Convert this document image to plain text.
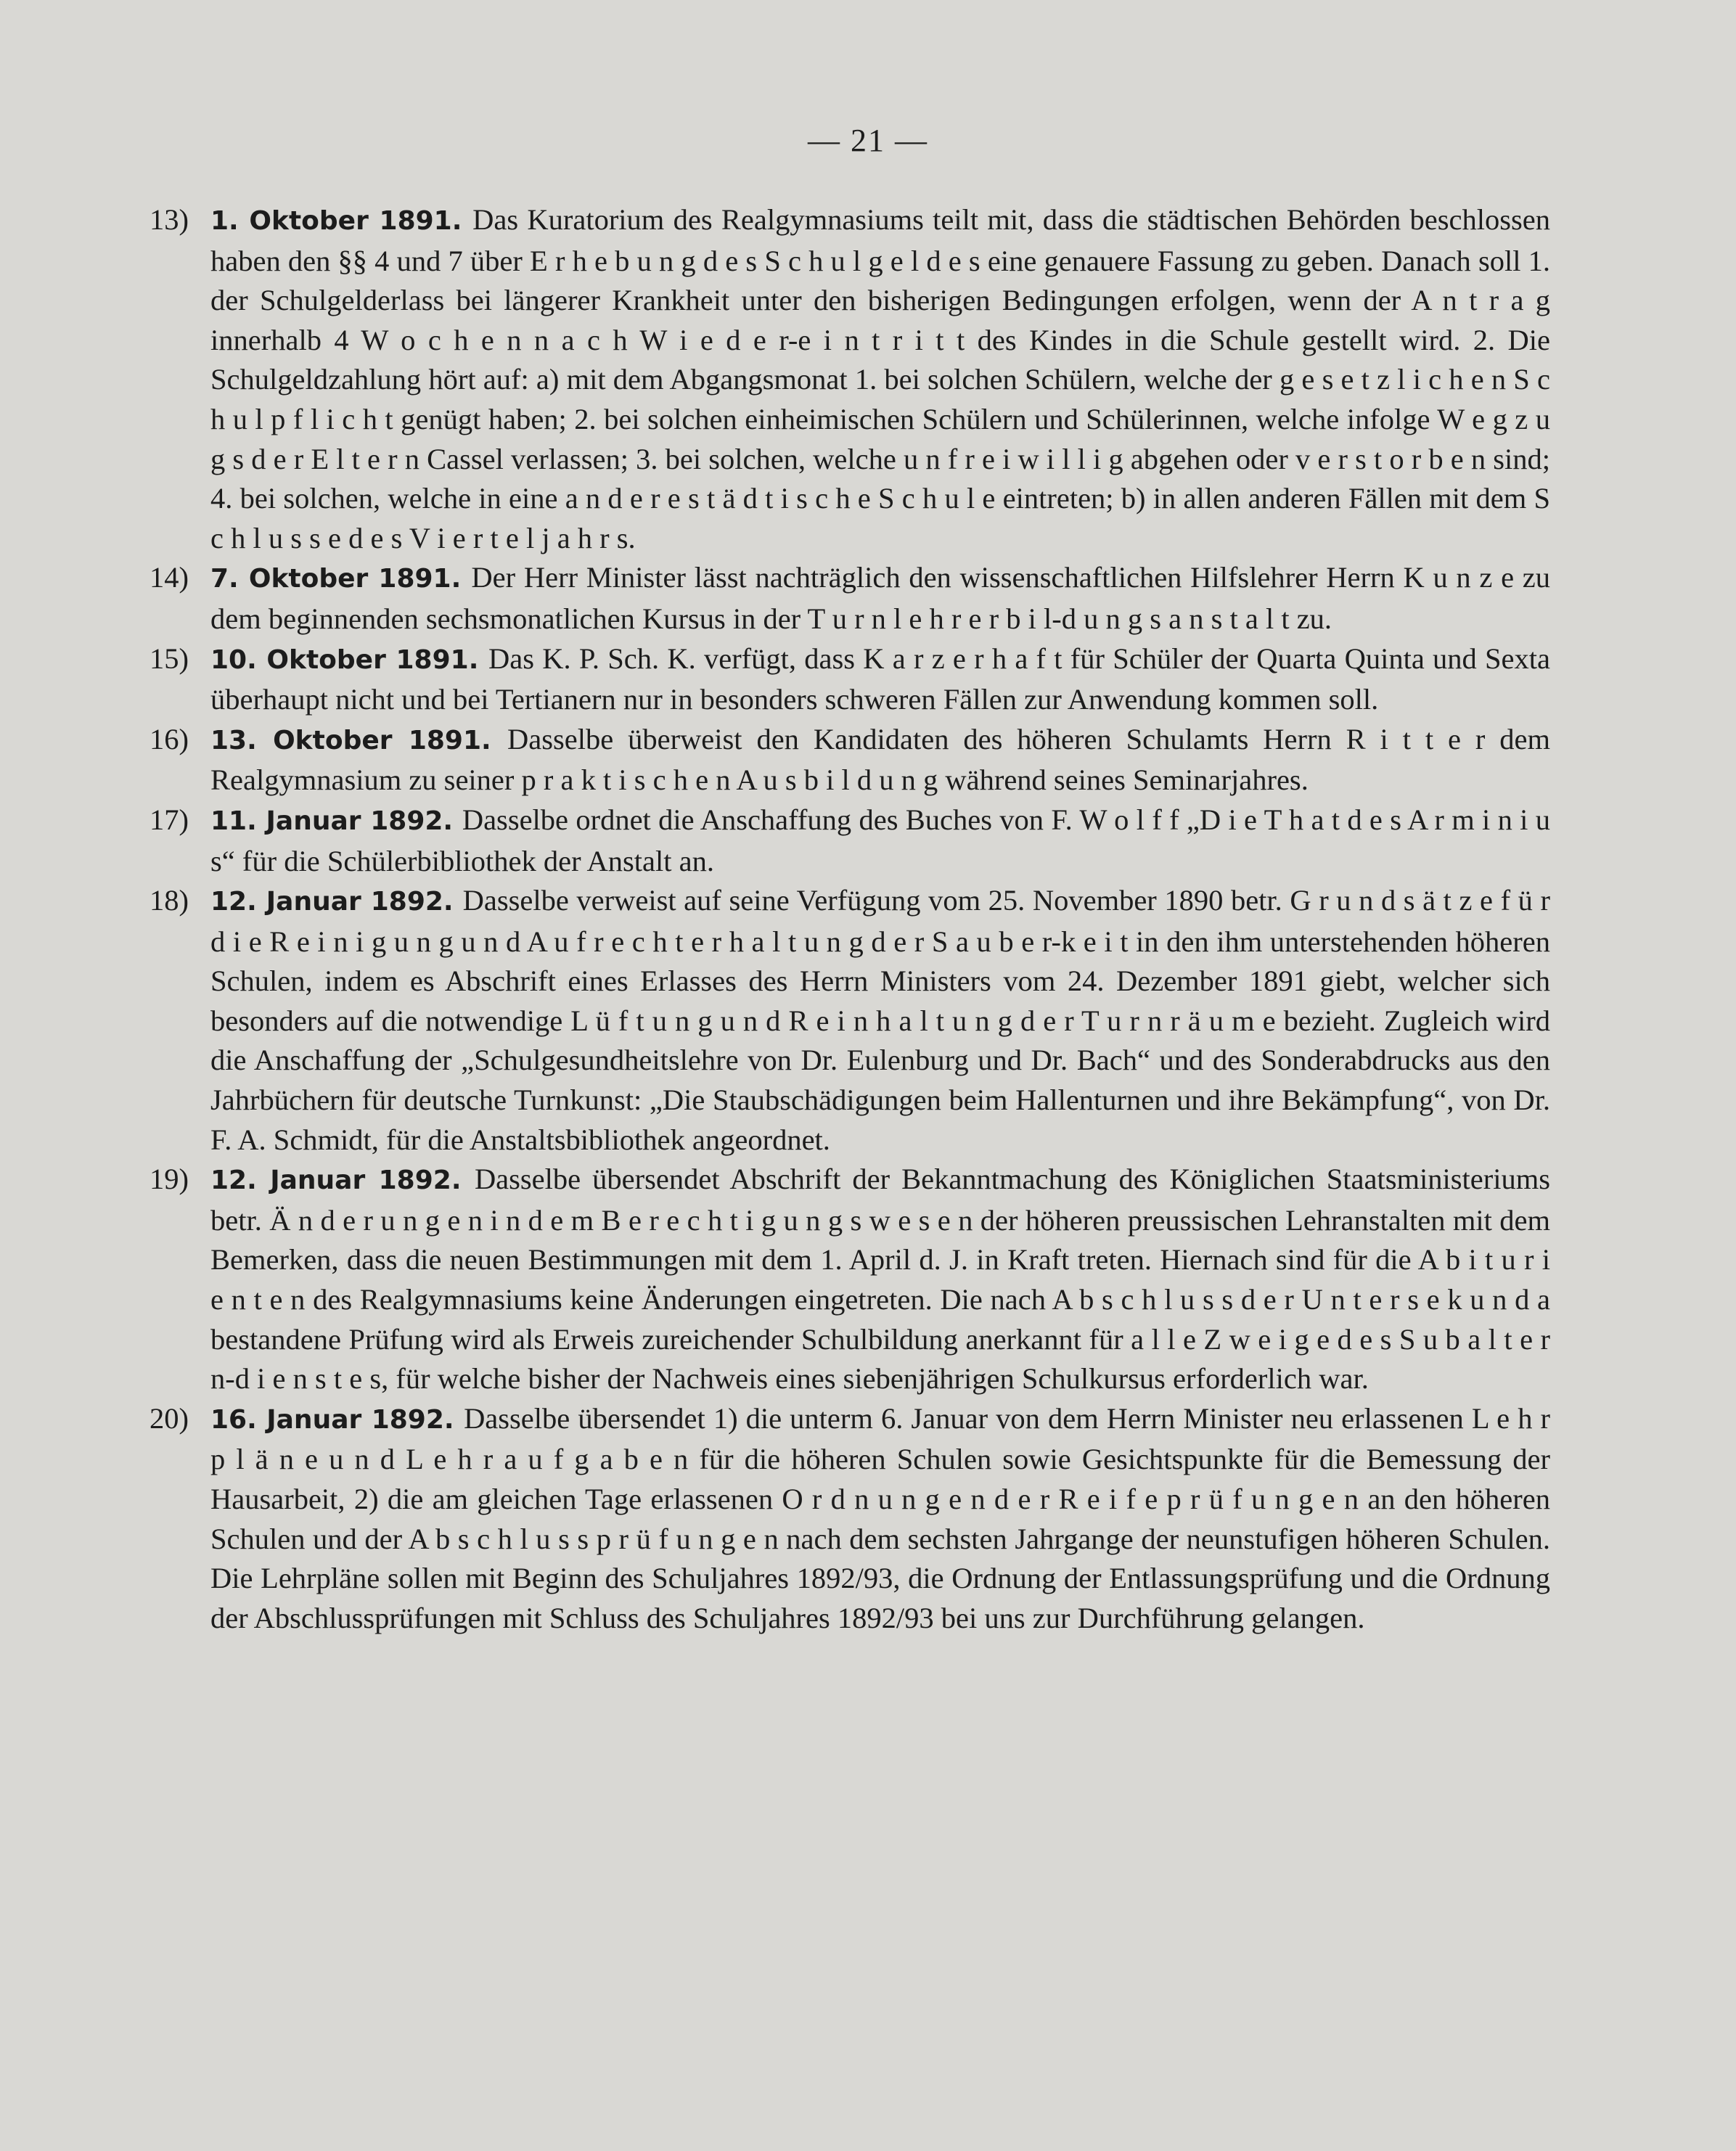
— 21 —
13) 1. Oktober 1891. Das Kuratorium des Realgymnasiums teilt mit, dass die städtischen Behörden beschlossen haben den §§ 4 und 7 über E r h e b u n g d e s S c h u l g e l d e s eine genauere Fassung zu geben. Danach soll 1. der Schulgelderlass bei längerer Krankheit unter den bisherigen Bedingungen erfolgen, wenn der A n t r a g innerhalb 4 W o c h e n n a c h W i e d e r-e i n t r i t t des Kindes in die Schule gestellt wird. 2. Die Schulgeldzahlung hört auf: a) mit dem Abgangsmonat 1. bei solchen Schülern, welche der g e s e t z l i c h e n S c h u l p f l i c h t genügt haben; 2. bei solchen einheimischen Schülern und Schülerinnen, welche infolge W e g z u g s d e r E l t e r n Cassel verlassen; 3. bei solchen, welche u n f r e i w i l l i g abgehen oder v e r s t o r b e n sind; 4. bei solchen, welche in eine a n d e r e s t ä d t i s c h e S c h u l e eintreten; b) in allen anderen Fällen mit dem S c h l u s s e d e s V i e r t e l j a h r s.
14) 7. Oktober 1891. Der Herr Minister lässt nachträglich den wissenschaftlichen Hilfslehrer Herrn K u n z e zu dem beginnenden sechsmonatlichen Kursus in der T u r n l e h r e r b i l-d u n g s a n s t a l t zu.
15) 10. Oktober 1891. Das K. P. Sch. K. verfügt, dass K a r z e r h a f t für Schüler der Quarta Quinta und Sexta überhaupt nicht und bei Tertianern nur in besonders schweren Fällen zur Anwendung kommen soll.
16) 13. Oktober 1891. Dasselbe überweist den Kandidaten des höheren Schulamts Herrn R i t t e r dem Realgymnasium zu seiner p r a k t i s c h e n A u s b i l d u n g während seines Seminarjahres.
17) 11. Januar 1892. Dasselbe ordnet die Anschaffung des Buches von F. W o l f f „D i e T h a t d e s A r m i n i u s“ für die Schülerbibliothek der Anstalt an.
18) 12. Januar 1892. Dasselbe verweist auf seine Verfügung vom 25. November 1890 betr. G r u n d s ä t z e f ü r d i e R e i n i g u n g u n d A u f r e c h t e r h a l t u n g d e r S a u b e r-k e i t in den ihm unterstehenden höheren Schulen, indem es Abschrift eines Erlasses des Herrn Ministers vom 24. Dezember 1891 giebt, welcher sich besonders auf die notwendige L ü f t u n g u n d R e i n h a l t u n g d e r T u r n r ä u m e bezieht. Zugleich wird die Anschaffung der „Schulgesundheitslehre von Dr. Eulenburg und Dr. Bach“ und des Sonderabdrucks aus den Jahrbüchern für deutsche Turnkunst: „Die Staubschädigungen beim Hallenturnen und ihre Bekämpfung“, von Dr. F. A. Schmidt, für die Anstaltsbibliothek angeordnet.
19) 12. Januar 1892. Dasselbe übersendet Abschrift der Bekanntmachung des Königlichen Staatsministeriums betr. Ä n d e r u n g e n i n d e m B e r e c h t i g u n g s w e s e n der höheren preussischen Lehranstalten mit dem Bemerken, dass die neuen Bestimmungen mit dem 1. April d. J. in Kraft treten. Hiernach sind für die A b i t u r i e n t e n des Realgymnasiums keine Änderungen eingetreten. Die nach A b s c h l u s s d e r U n t e r s e k u n d a bestandene Prüfung wird als Erweis zureichender Schulbildung anerkannt für a l l e Z w e i g e d e s S u b a l t e r n-d i e n s t e s, für welche bisher der Nachweis eines siebenjährigen Schulkursus erforderlich war.
20) 16. Januar 1892. Dasselbe übersendet 1) die unterm 6. Januar von dem Herrn Minister neu erlassenen L e h r p l ä n e u n d L e h r a u f g a b e n für die höheren Schulen sowie Gesichtspunkte für die Bemessung der Hausarbeit, 2) die am gleichen Tage erlassenen O r d n u n g e n d e r R e i f e p r ü f u n g e n an den höheren Schulen und der A b s c h l u s s p r ü f u n g e n nach dem sechsten Jahrgange der neunstufigen höheren Schulen. Die Lehrpläne sollen mit Beginn des Schuljahres 1892/93, die Ordnung der Entlassungsprüfung und die Ordnung der Abschlussprüfungen mit Schluss des Schuljahres 1892/93 bei uns zur Durchführung gelangen.
